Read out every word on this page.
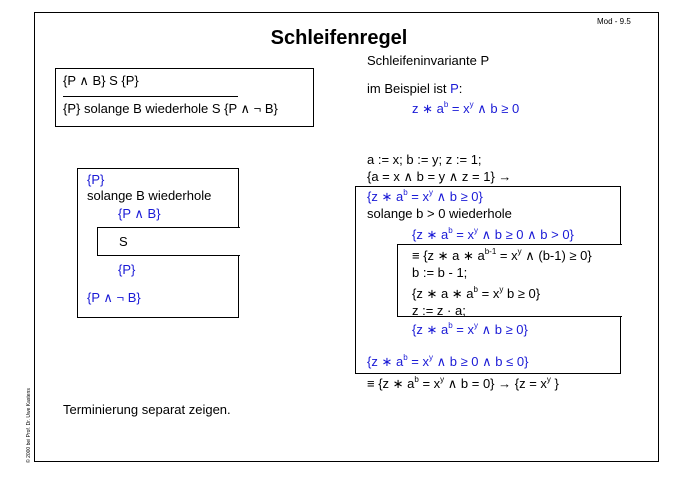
Mod - 9.5
Schleifenregel
© 2000 bei Prof. Dr. Uwe Kastens
{P ∧ B} S {P}
{P} solange B wiederhole S {P ∧ ¬ B}
{P}
solange B wiederhole
{P ∧ B}
S
{P}
{P ∧ ¬ B}
Schleifeninvariante P
im Beispiel ist P:
z ∗ $a^b = x^y$ ∧ b ≥ 0
a := x; b := y; z := 1;
{a = x ∧ b = y ∧ z = 1} →
{z ∗ $a^b = x^y$ ∧ b ≥ 0}
solange b > 0 wiederhole
{z ∗ $a^b = x^y$ ∧ b ≥ 0 ∧ b > 0}
≡ {z ∗ a ∗ $a^{b-1} = x^y$ ∧ (b-1) ≥ 0}
b := b - 1;
{z ∗ a ∗ $a^b = x^y$ b ≥ 0}
z := z · a;
{z ∗ $a^b = x^y$ ∧ b ≥ 0}
{z ∗ $a^b = x^y$ ∧ b ≥ 0 ∧ b ≤ 0}
≡ {z ∗ $a^b = x^y$ ∧ $b = 0\} \to \{z = x^y$ }
Terminierung separat zeigen.
